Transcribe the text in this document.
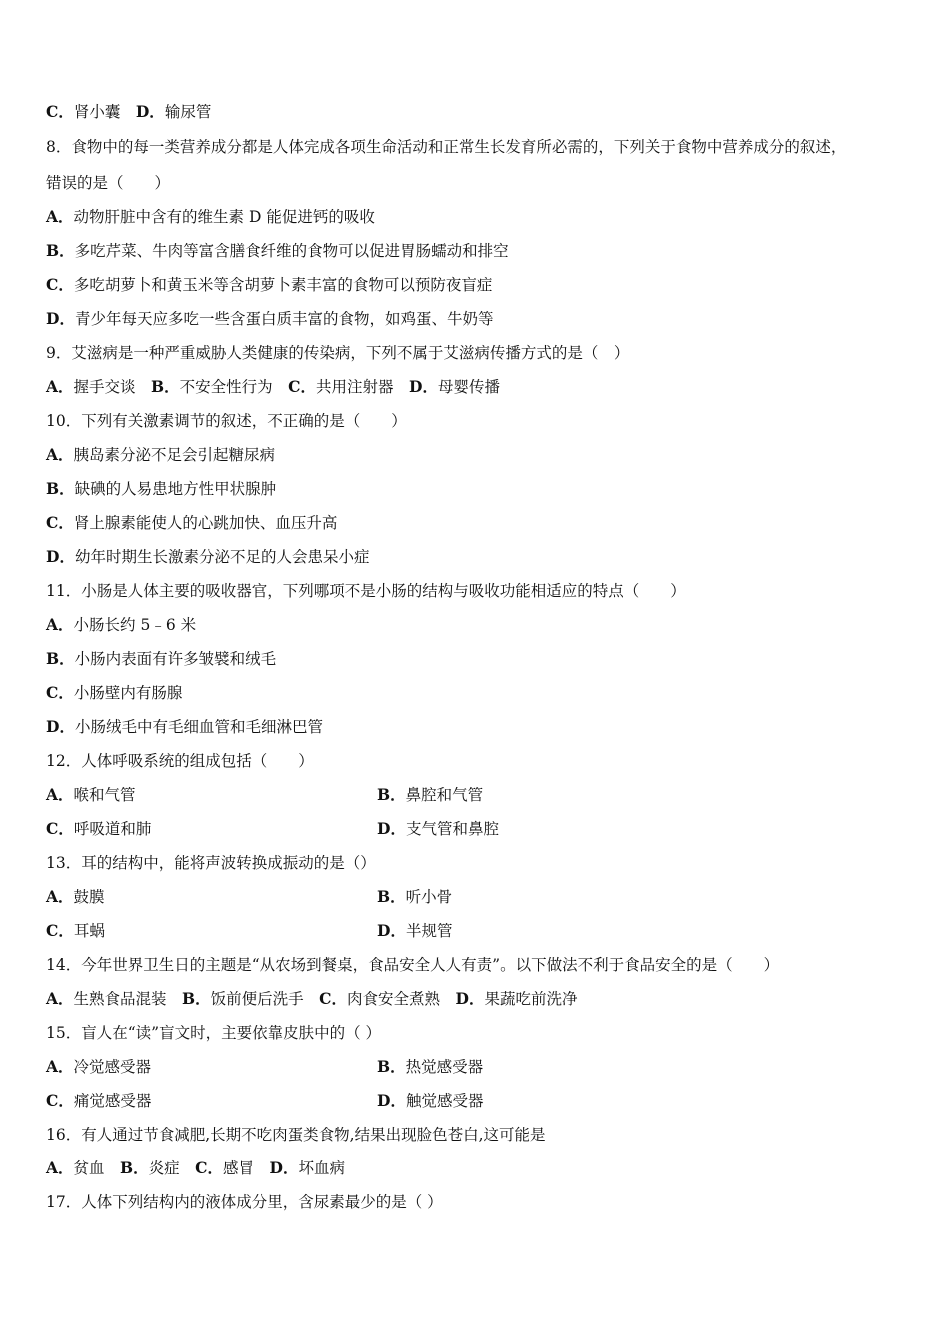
C．肾小囊　D．输尿管
8．食物中的每一类营养成分都是人体完成各项生命活动和正常生长发育所必需的，下列关于食物中营养成分的叙述，
错误的是（　　）
A．动物肝脏中含有的维生素 D 能促进钙的吸收
B．多吃芹菜、牛肉等富含膳食纤维的食物可以促进胃肠蠕动和排空
C．多吃胡萝卜和黄玉米等含胡萝卜素丰富的食物可以预防夜盲症
D．青少年每天应多吃一些含蛋白质丰富的食物，如鸡蛋、牛奶等
9．艾滋病是一种严重威胁人类健康的传染病，下列不属于艾滋病传播方式的是（　）
A．握手交谈　B．不安全性行为　C．共用注射器　D．母婴传播
10．下列有关激素调节的叙述，不正确的是（　　）
A．胰岛素分泌不足会引起糖尿病
B．缺碘的人易患地方性甲状腺肿
C．肾上腺素能使人的心跳加快、血压升高
D．幼年时期生长激素分泌不足的人会患呆小症
11．小肠是人体主要的吸收器官，下列哪项不是小肠的结构与吸收功能相适应的特点（　　）
A．小肠长约 5﹣6 米
B．小肠内表面有许多皱襞和绒毛
C．小肠壁内有肠腺
D．小肠绒毛中有毛细血管和毛细淋巴管
12．人体呼吸系统的组成包括（　　）
A．喉和气管	B．鼻腔和气管
C．呼吸道和肺	D．支气管和鼻腔
13．耳的结构中，能将声波转换成振动的是（）
A．鼓膜	B．听小骨
C．耳蜗	D．半规管
14．今年世界卫生日的主题是“从农场到餐桌，食品安全人人有责”。以下做法不利于食品安全的是（　　）
A．生熟食品混装　B．饭前便后洗手　C．肉食安全煮熟　D．果蔬吃前洗净
15．盲人在“读”盲文时，主要依靠皮肤中的（ ）
A．冷觉感受器	B．热觉感受器
C．痛觉感受器	D．触觉感受器
16．有人通过节食减肥,长期不吃肉蛋类食物,结果出现脸色苍白,这可能是
A．贫血　B．炎症　C．感冒　D．坏血病
17．人体下列结构内的液体成分里，含尿素最少的是（ ）
